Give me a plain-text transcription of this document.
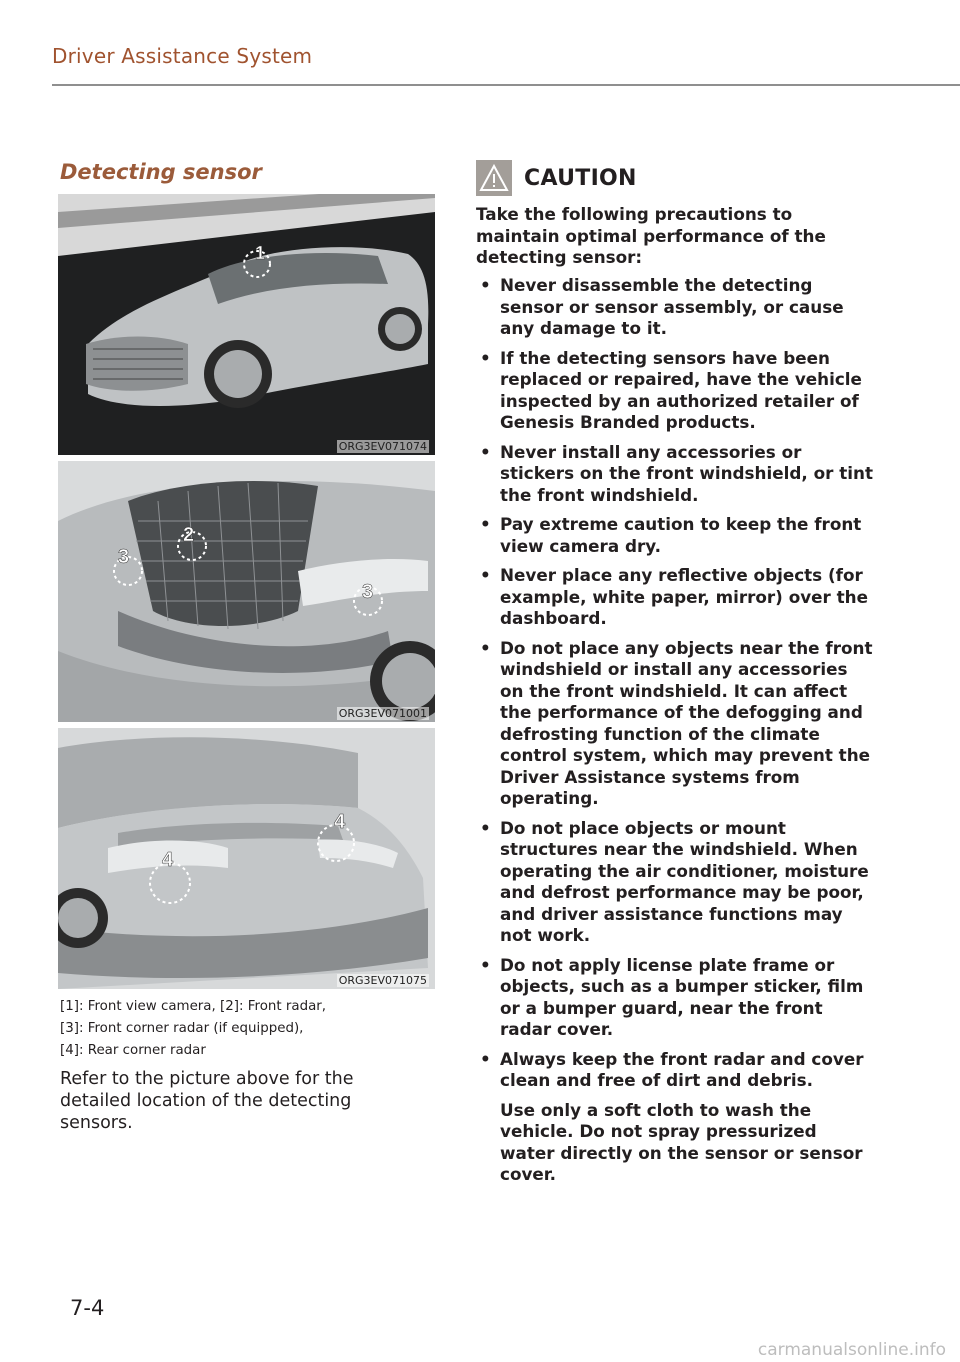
Driver Assistance System
Detecting sensor
1
ORG3EV071074
2
3
3
ORG3EV071001
4
4
ORG3EV071075
[1]: Front view camera, [2]: Front radar,
[3]: Front corner radar (if equipped),
[4]: Rear corner radar
Refer to the picture above for the detailed location of the detecting sensors.
CAUTION
Take the following precautions to maintain optimal performance of the detecting sensor:
• Never disassemble the detecting sensor or sensor assembly, or cause any damage to it.
• If the detecting sensors have been replaced or repaired, have the vehicle inspected by an authorized retailer of Genesis Branded products.
• Never install any accessories or stickers on the front windshield, or tint the front windshield.
• Pay extreme caution to keep the front view camera dry.
• Never place any reflective objects (for example, white paper, mirror) over the dashboard.
• Do not place any objects near the front windshield or install any accessories on the front windshield. It can affect the performance of the defogging and defrosting function of the climate control system, which may prevent the Driver Assistance systems from operating.
• Do not place objects or mount structures near the windshield. When operating the air conditioner, moisture and defrost performance may be poor, and driver assistance functions may not work.
• Do not apply license plate frame or objects, such as a bumper sticker, film or a bumper guard, near the front radar cover.
• Always keep the front radar and cover clean and free of dirt and debris.
Use only a soft cloth to wash the vehicle. Do not spray pressurized water directly on the sensor or sensor cover.
7-4
carmanualsonline.info
